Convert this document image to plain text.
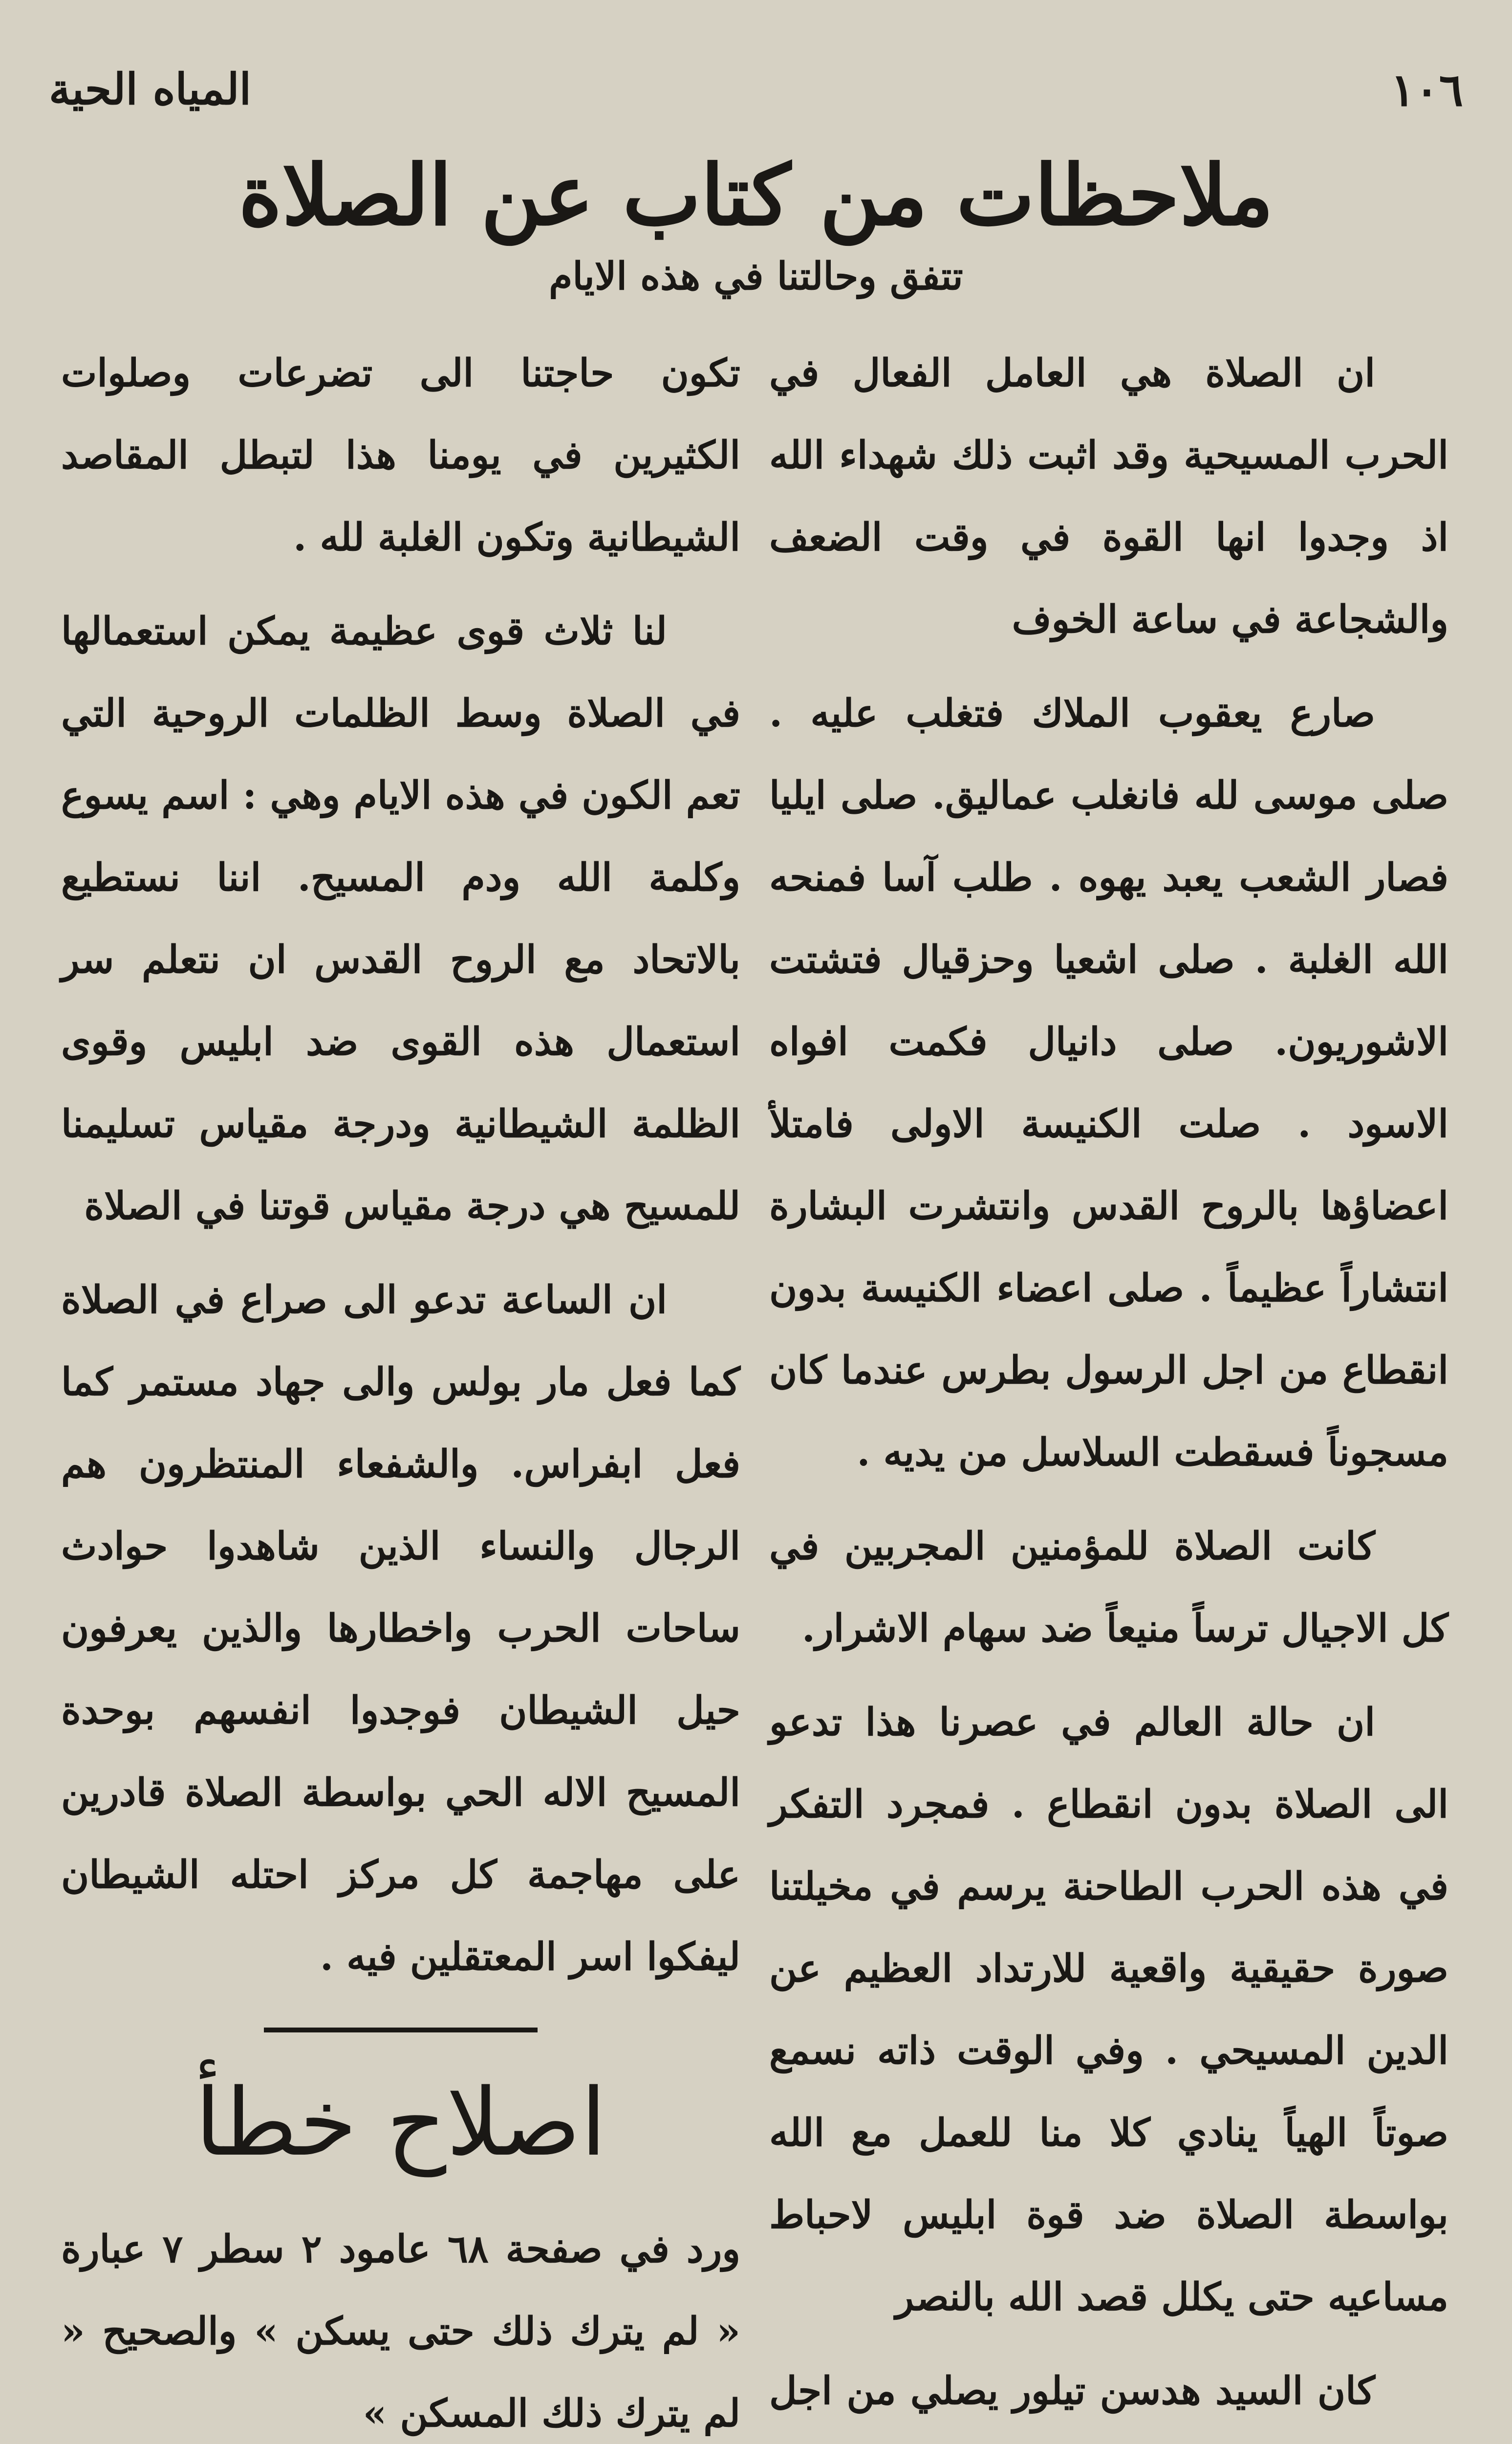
١٠٦
المياه الحية
ملاحظات من كتاب عن الصلاة
تتفق وحالتنا في هذه الايام

ان الصلاة هي العامل الفعال في الحرب المسيحية وقد اثبت ذلك شهداء الله اذ وجدوا انها القوة في وقت الضعف والشجاعة في ساعة الخوف

صارع يعقوب الملاك فتغلب عليه . صلى موسى لله فانغلب عماليق. صلى ايليا فصار الشعب يعبد يهوه . طلب آسا فمنحه الله الغلبة . صلى اشعيا وحزقيال فتشتت الاشوريون. صلى دانيال فكمت افواه الاسود . صلت الكنيسة الاولى فامتلأ اعضاؤها بالروح القدس وانتشرت البشارة انتشاراً عظيماً . صلى اعضاء الكنيسة بدون انقطاع من اجل الرسول بطرس عندما كان مسجوناً فسقطت السلاسل من يديه .

كانت الصلاة للمؤمنين المجربين في كل الاجيال ترساً منيعاً ضد سهام الاشرار.

ان حالة العالم في عصرنا هذا تدعو الى الصلاة بدون انقطاع . فمجرد التفكر في هذه الحرب الطاحنة يرسم في مخيلتنا صورة حقيقية واقعية للارتداد العظيم عن الدين المسيحي . وفي الوقت ذاته نسمع صوتاً الهياً ينادي كلا منا للعمل مع الله بواسطة الصلاة ضد قوة ابليس لاحباط مساعيه حتى يكلل قصد الله بالنصر

كان السيد هدسن تيلور يصلي من اجل

تكون حاجتنا الى تضرعات وصلوات الكثيرين في يومنا هذا لتبطل المقاصد الشيطانية وتكون الغلبة لله .

لنا ثلاث قوى عظيمة يمكن استعمالها في الصلاة وسط الظلمات الروحية التي تعم الكون في هذه الايام وهي : اسم يسوع وكلمة الله ودم المسيح. اننا نستطيع بالاتحاد مع الروح القدس ان نتعلم سر استعمال هذه القوى ضد ابليس وقوى الظلمة الشيطانية ودرجة مقياس تسليمنا للمسيح هي درجة مقياس قوتنا في الصلاة

ان الساعة تدعو الى صراع في الصلاة كما فعل مار بولس والى جهاد مستمر كما فعل ابفراس. والشفعاء المنتظرون هم الرجال والنساء الذين شاهدوا حوادث ساحات الحرب واخطارها والذين يعرفون حيل الشيطان فوجدوا انفسهم بوحدة المسيح الاله الحي بواسطة الصلاة قادرين على مهاجمة كل مركز احتله الشيطان ليفكوا اسر المعتقلين فيه .

اصلاح خطأ

ورد في صفحة ٦٨ عامود ٢ سطر ٧ عبارة « لم يترك ذلك حتى يسكن » والصحيح « لم يترك ذلك المسكن »
